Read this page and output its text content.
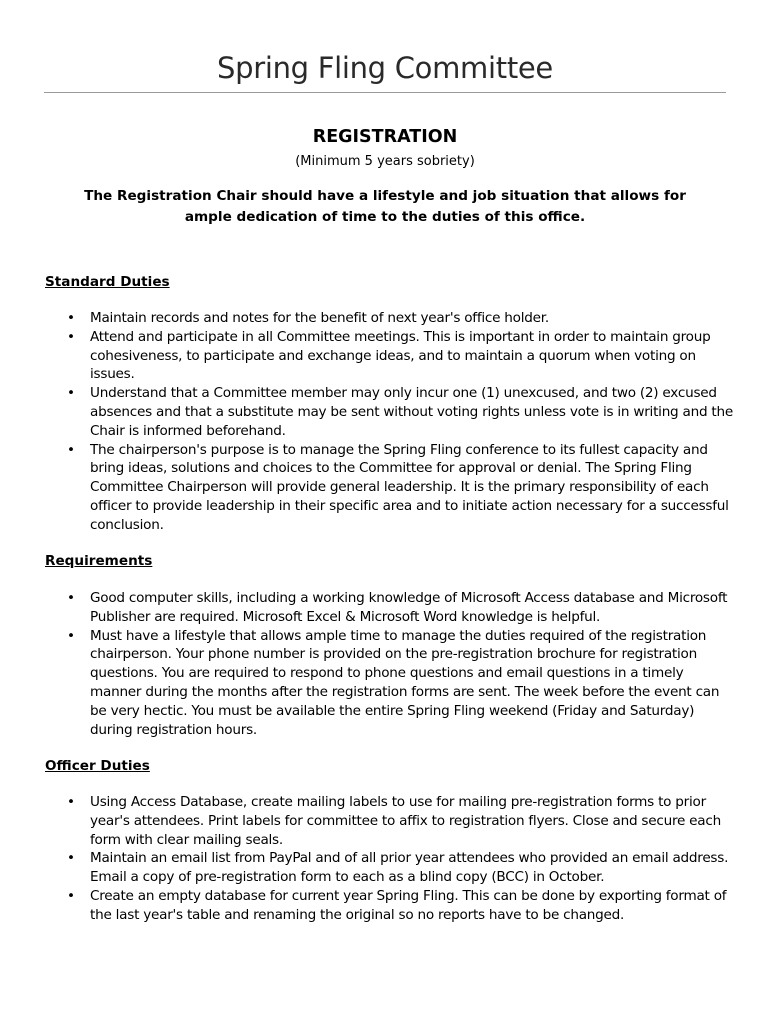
Spring Fling Committee
REGISTRATION
(Minimum 5 years sobriety)
The Registration Chair should have a lifestyle and job situation that allows for ample dedication of time to the duties of this office.
Standard Duties
• Maintain records and notes for the benefit of next year's office holder.
• Attend and participate in all Committee meetings. This is important in order to maintain group cohesiveness, to participate and exchange ideas, and to maintain a quorum when voting on issues.
• Understand that a Committee member may only incur one (1) unexcused, and two (2) excused absences and that a substitute may be sent without voting rights unless vote is in writing and the Chair is informed beforehand.
• The chairperson's purpose is to manage the Spring Fling conference to its fullest capacity and bring ideas, solutions and choices to the Committee for approval or denial. The Spring Fling Committee Chairperson will provide general leadership. It is the primary responsibility of each officer to provide leadership in their specific area and to initiate action necessary for a successful conclusion.
Requirements
• Good computer skills, including a working knowledge of Microsoft Access database and Microsoft Publisher are required. Microsoft Excel & Microsoft Word knowledge is helpful.
• Must have a lifestyle that allows ample time to manage the duties required of the registration chairperson. Your phone number is provided on the pre-registration brochure for registration questions. You are required to respond to phone questions and email questions in a timely manner during the months after the registration forms are sent. The week before the event can be very hectic. You must be available the entire Spring Fling weekend (Friday and Saturday) during registration hours.
Officer Duties
• Using Access Database, create mailing labels to use for mailing pre-registration forms to prior year's attendees. Print labels for committee to affix to registration flyers. Close and secure each form with clear mailing seals.
• Maintain an email list from PayPal and of all prior year attendees who provided an email address. Email a copy of pre-registration form to each as a blind copy (BCC) in October.
• Create an empty database for current year Spring Fling. This can be done by exporting format of the last year's table and renaming the original so no reports have to be changed.
